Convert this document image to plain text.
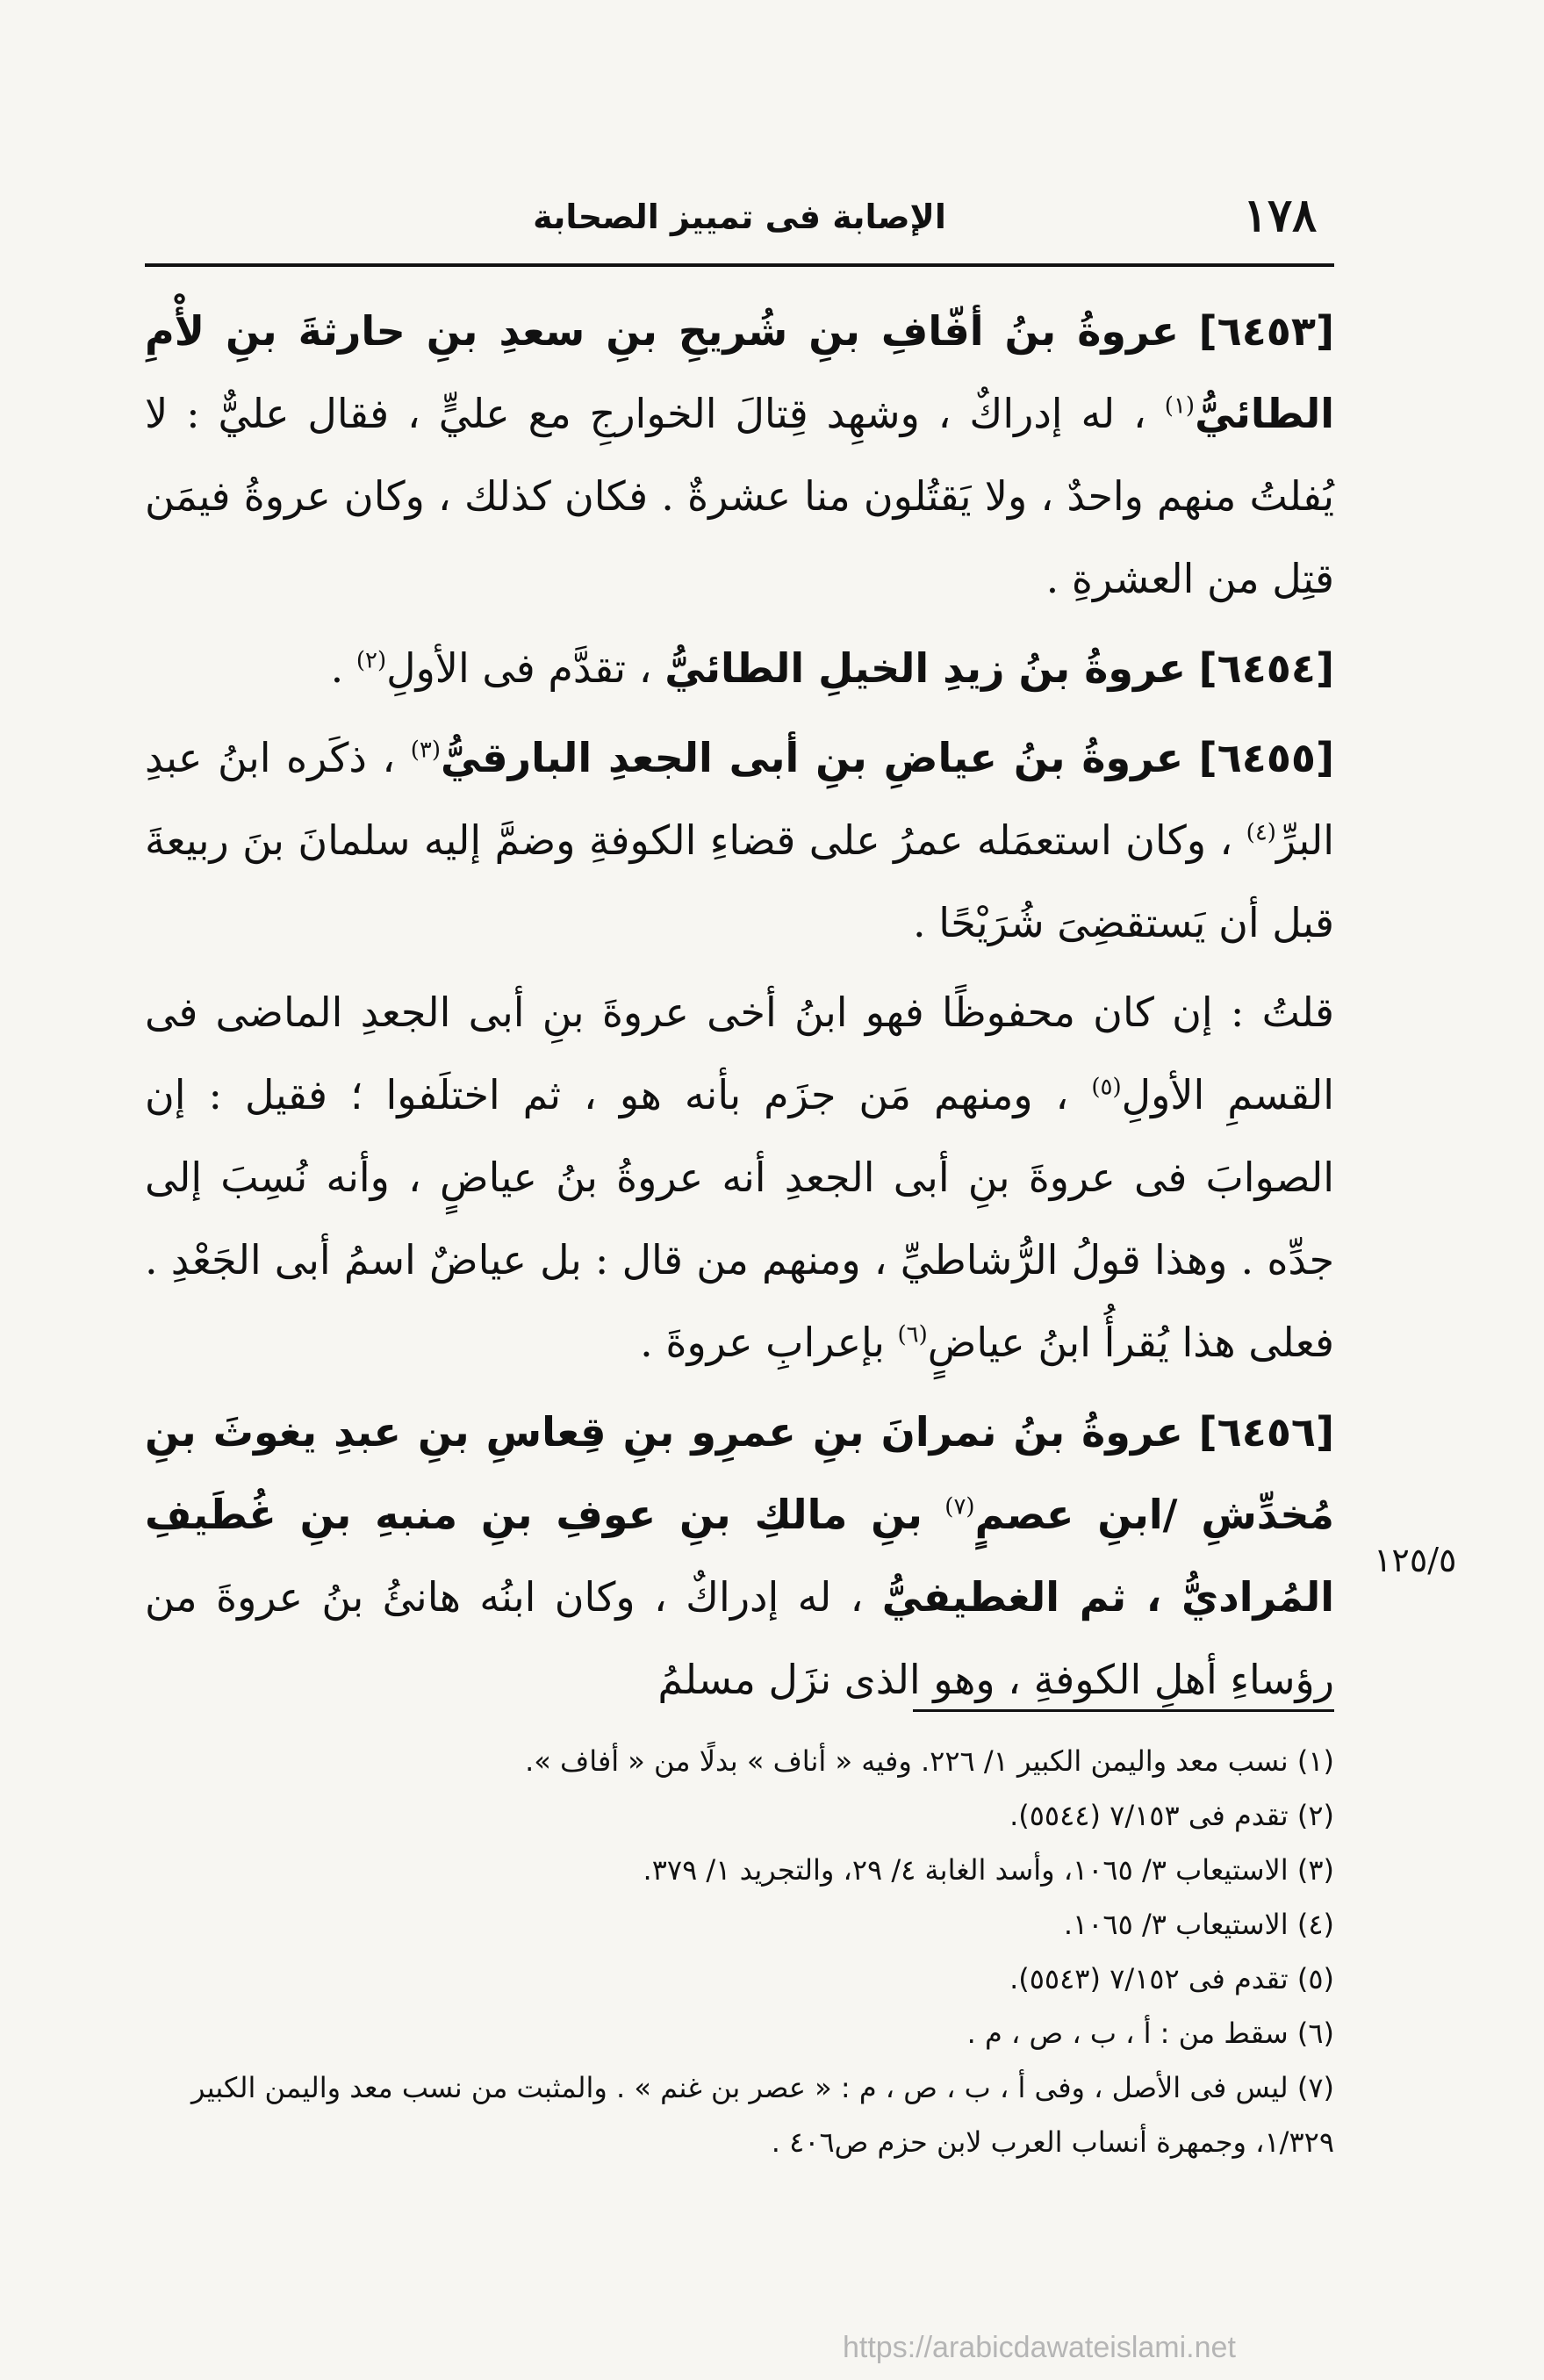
١٧٨
الإصابة فى تمييز الصحابة

[٦٤٥٣] عروةُ بنُ أفّافِ بنِ شُريحِ بنِ سعدِ بنِ حارثةَ بنِ لأْمِ الطائيُّ$^{(١)}$ ، له إدراكٌ ، وشهِد قِتالَ الخوارجِ مع عليٍّ ، فقال عليٌّ : لا يُفلتُ منهم واحدٌ ، ولا يَقتُلون منا عشرةٌ . فكان كذلك ، وكان عروةُ فيمَن قتِل من العشرةِ .

[٦٤٥٤] عروةُ بنُ زيدِ الخيلِ الطائيُّ ، تقدَّم فى الأولِ$^{(٢)}$ .

[٦٤٥٥] عروةُ بنُ عياضِ بنِ أبى الجعدِ البارقيُّ$^{(٣)}$ ، ذكَره ابنُ عبدِ البرِّ$^{(٤)}$ ، وكان استعمَله عمرُ على قضاءِ الكوفةِ وضمَّ إليه سلمانَ بنَ ربيعةَ قبل أن يَستقضِىَ شُرَيْحًا .

قلتُ : إن كان محفوظًا فهو ابنُ أخى عروةَ بنِ أبى الجعدِ الماضى فى القسمِ الأولِ$^{(٥)}$ ، ومنهم مَن جزَم بأنه هو ، ثم اختلَفوا ؛ فقيل : إن الصوابَ فى عروةَ بنِ أبى الجعدِ أنه عروةُ بنُ عياضٍ ، وأنه نُسِبَ إلى جدِّه . وهذا قولُ الرُّشاطيِّ ، ومنهم من قال : بل عياضٌ اسمُ أبى الجَعْدِ . فعلى هذا يُقرأُ ابنُ عياضٍ$^{(٦)}$ بإعرابِ عروةَ .

[٦٤٥٦] عروةُ بنُ نمرانَ بنِ عمرِو بنِ قِعاسِ بنِ عبدِ يغوثَ بنِ مُخدِّشِ /ابنِ عصمٍ$^{(٧)}$ بنِ مالكِ بنِ عوفِ بنِ منبهِ بنِ غُطَيفِ المُراديُّ ، ثم الغطيفيُّ ، له إدراكٌ ، وكان ابنُه هانئُ بنُ عروةَ من رؤساءِ أهلِ الكوفةِ ، وهو الذى نزَل مسلمُ

١٢٥/٥

(١) نسب معد واليمن الكبير ١/ ٢٢٦. وفيه « أناف » بدلًا من « أفاف ».

(٢) تقدم فى ٧/١٥٣ (٥٥٤٤).

(٣) الاستيعاب ٣/ ١٠٦٥، وأسد الغابة ٤/ ٢٩، والتجريد ١/ ٣٧٩.

(٤) الاستيعاب ٣/ ١٠٦٥.

(٥) تقدم فى ٧/١٥٢ (٥٥٤٣).

(٦) سقط من : أ ، ب ، ص ، م .

(٧) ليس فى الأصل ، وفى أ ، ب ، ص ، م : « عصر بن غنم » . والمثبت من نسب معد واليمن الكبير ١/٣٢٩، وجمهرة أنساب العرب لابن حزم ص٤٠٦ .

https://arabicdawateislami.net
